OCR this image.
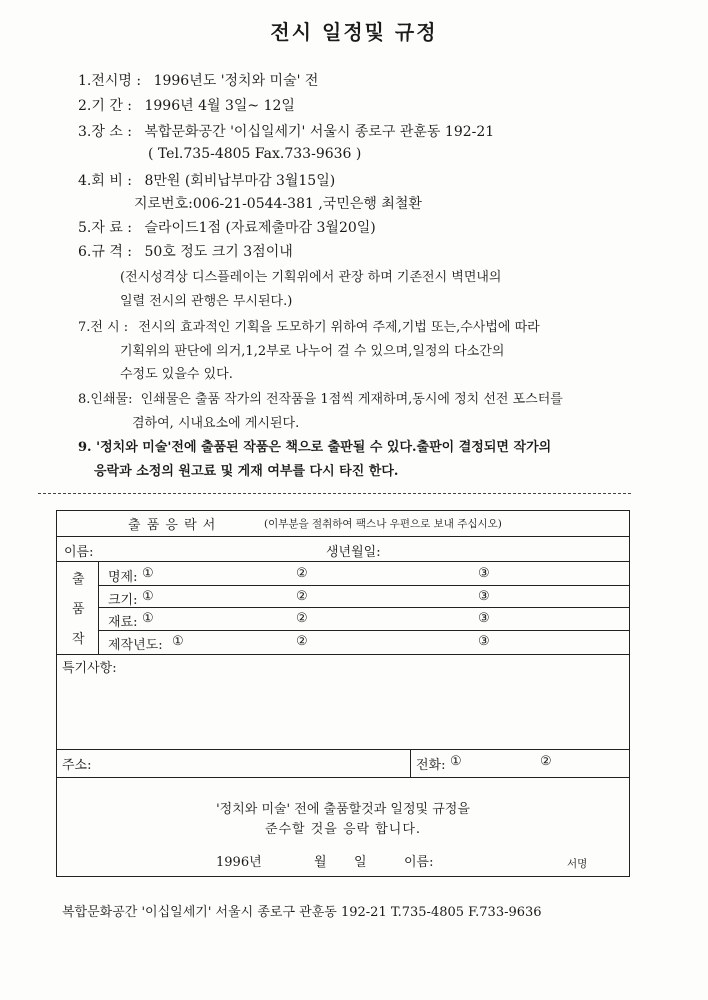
전시 일정및 규정
1.전시명 : 1996년도 '정치와 미술' 전
2.기 간 : 1996년 4월 3일~ 12일
3.장 소 : 복합문화공간 '이십일세기' 서울시 종로구 관훈동 192-21
( Tel.735-4805 Fax.733-9636 )
4.회 비 : 8만원 (회비납부마감 3월15일)
지로번호:006-21-0544-381 ,국민은행 최철환
5.자 료 : 슬라이드1점 (자료제출마감 3월20일)
6.규 격 : 50호 정도 크기 3점이내
(전시성격상 디스플레이는 기획위에서 관장 하며 기존전시 벽면내의
일렬 전시의 관행은 무시된다.)
7.전 시 : 전시의 효과적인 기획을 도모하기 위하여 주제,기법 또는,수사법에 따라
기획위의 판단에 의거,1,2부로 나누어 걸 수 있으며,일정의 다소간의
수정도 있을수 있다.
8.인쇄물: 인쇄물은 출품 작가의 전작품을 1점씩 게재하며,동시에 정치 선전 포스터를
겸하여, 시내요소에 게시된다.
9. '정치와 미술'전에 출품된 작품은 책으로 출판될 수 있다.출판이 결정되면 작가의
응락과 소정의 원고료 및 게재 여부를 다시 타진 한다.
출 품 응 락 서	(이부분을 절취하여 팩스나 우편으로 보내 주십시오)
이름:	생년월일:
출
품
작
명제: ①	②	③
크기: ①	②	③
재료: ①	②	③
제작년도: ①	②	③
특기사항:
주소:	전화: ①	②
'정치와 미술' 전에 출품할것과 일정및 규정을
준수할 것을 응락 합니다.
1996년	월 일	이름:	서명
복합문화공간 '이십일세기' 서울시 종로구 관훈동 192-21 T.735-4805 F.733-9636
